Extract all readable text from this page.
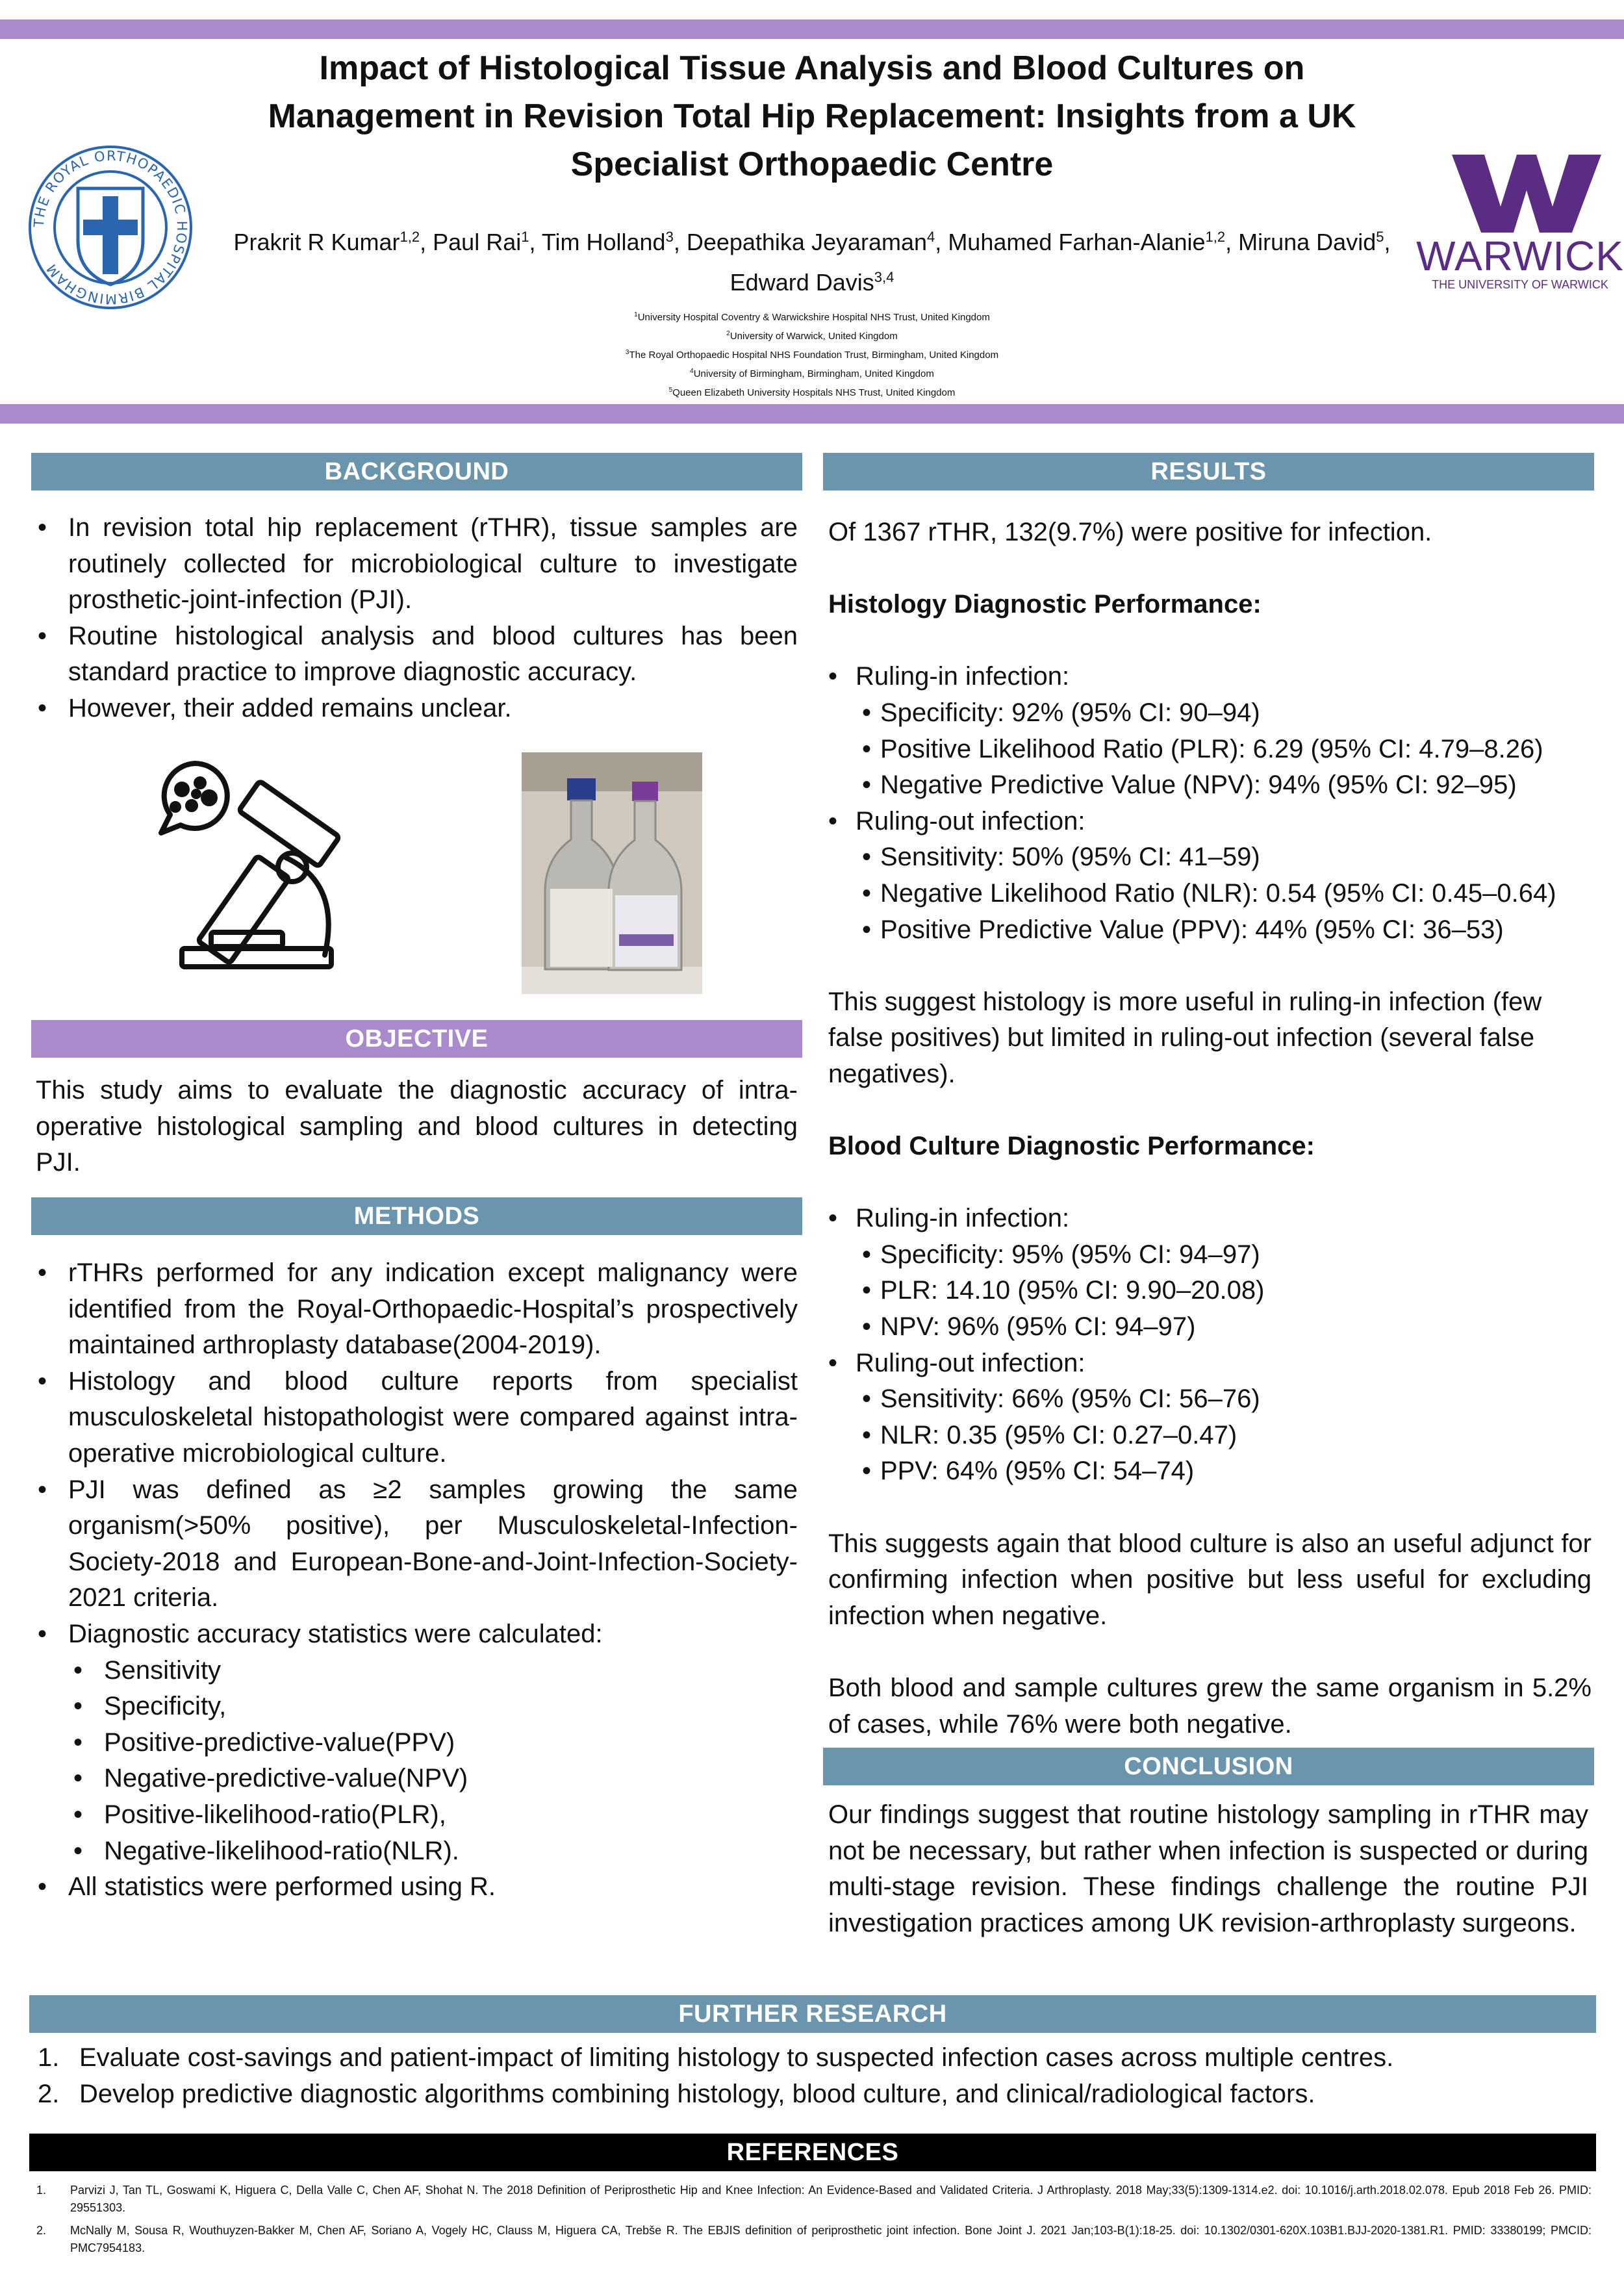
THE ROYAL ORTHOPAEDIC HOSPITAL BIRMINGHAM
Impact of Histological Tissue Analysis and Blood Cultures on
Management in Revision Total Hip Replacement: Insights from a UK
Specialist Orthopaedic Centre
Prakrit R Kumar$^{1,2}$, Paul Rai$^1$, Tim Holland$^3$, Deepathika Jeyaraman$^4$, Muhamed Farhan-Alanie$^{1,2}$, Miruna David$^5$, Edward Davis$^{3,4}$
$^1$University Hospital Coventry & Warwickshire Hospital NHS Trust, United Kingdom
$^2$University of Warwick, United Kingdom
$^3$The Royal Orthopaedic Hospital NHS Foundation Trust, Birmingham, United Kingdom
$^4$University of Birmingham, Birmingham, United Kingdom
$^5$Queen Elizabeth University Hospitals NHS Trust, United Kingdom
WARWICK
THE UNIVERSITY OF WARWICK
BACKGROUND
• In revision total hip replacement (rTHR), tissue samples are routinely collected for microbiological culture to investigate prosthetic-joint-infection (PJI).
• Routine histological analysis and blood cultures has been standard practice to improve diagnostic accuracy.
• However, their added remains unclear.
OBJECTIVE
This study aims to evaluate the diagnostic accuracy of intra-operative histological sampling and blood cultures in detecting PJI.
METHODS
• rTHRs performed for any indication except malignancy were identified from the Royal-Orthopaedic-Hospital’s prospectively maintained arthroplasty database(2004-2019).
• Histology and blood culture reports from specialist musculoskeletal histopathologist were compared against intra-operative microbiological culture.
• PJI was defined as ≥2 samples growing the same organism(>50% positive), per Musculoskeletal-Infection-Society-2018 and European-Bone-and-Joint-Infection-Society-2021 criteria.
• Diagnostic accuracy statistics were calculated:
• Sensitivity
• Specificity,
• Positive-predictive-value(PPV)
• Negative-predictive-value(NPV)
• Positive-likelihood-ratio(PLR),
• Negative-likelihood-ratio(NLR).
• All statistics were performed using R.
RESULTS
Of 1367 rTHR, 132(9.7%) were positive for infection.
Histology Diagnostic Performance:
• Ruling-in infection:
• Specificity: 92% (95% CI: 90–94)
• Positive Likelihood Ratio (PLR): 6.29 (95% CI: 4.79–8.26)
• Negative Predictive Value (NPV): 94% (95% CI: 92–95)
• Ruling-out infection:
• Sensitivity: 50% (95% CI: 41–59)
• Negative Likelihood Ratio (NLR): 0.54 (95% CI: 0.45–0.64)
• Positive Predictive Value (PPV): 44% (95% CI: 36–53)
This suggest histology is more useful in ruling-in infection (few false positives) but limited in ruling-out infection (several false negatives).
Blood Culture Diagnostic Performance:
• Ruling-in infection:
• Specificity: 95% (95% CI: 94–97)
• PLR: 14.10 (95% CI: 9.90–20.08)
• NPV: 96% (95% CI: 94–97)
• Ruling-out infection:
• Sensitivity: 66% (95% CI: 56–76)
• NLR: 0.35 (95% CI: 0.27–0.47)
• PPV: 64% (95% CI: 54–74)
This suggests again that blood culture is also an useful adjunct for confirming infection when positive but less useful for excluding infection when negative.
Both blood and sample cultures grew the same organism in 5.2% of cases, while 76% were both negative.
CONCLUSION
Our findings suggest that routine histology sampling in rTHR may not be necessary, but rather when infection is suspected or during multi-stage revision. These findings challenge the routine PJI investigation practices among UK revision-arthroplasty surgeons.
FURTHER RESEARCH
1. Evaluate cost-savings and patient-impact of limiting histology to suspected infection cases across multiple centres.
2. Develop predictive diagnostic algorithms combining histology, blood culture, and clinical/radiological factors.
REFERENCES
1. Parvizi J, Tan TL, Goswami K, Higuera C, Della Valle C, Chen AF, Shohat N. The 2018 Definition of Periprosthetic Hip and Knee Infection: An Evidence-Based and Validated Criteria. J Arthroplasty. 2018 May;33(5):1309-1314.e2. doi: 10.1016/j.arth.2018.02.078. Epub 2018 Feb 26. PMID: 29551303.
2. McNally M, Sousa R, Wouthuyzen-Bakker M, Chen AF, Soriano A, Vogely HC, Clauss M, Higuera CA, Trebše R. The EBJIS definition of periprosthetic joint infection. Bone Joint J. 2021 Jan;103-B(1):18-25. doi: 10.1302/0301-620X.103B1.BJJ-2020-1381.R1. PMID: 33380199; PMCID: PMC7954183.
